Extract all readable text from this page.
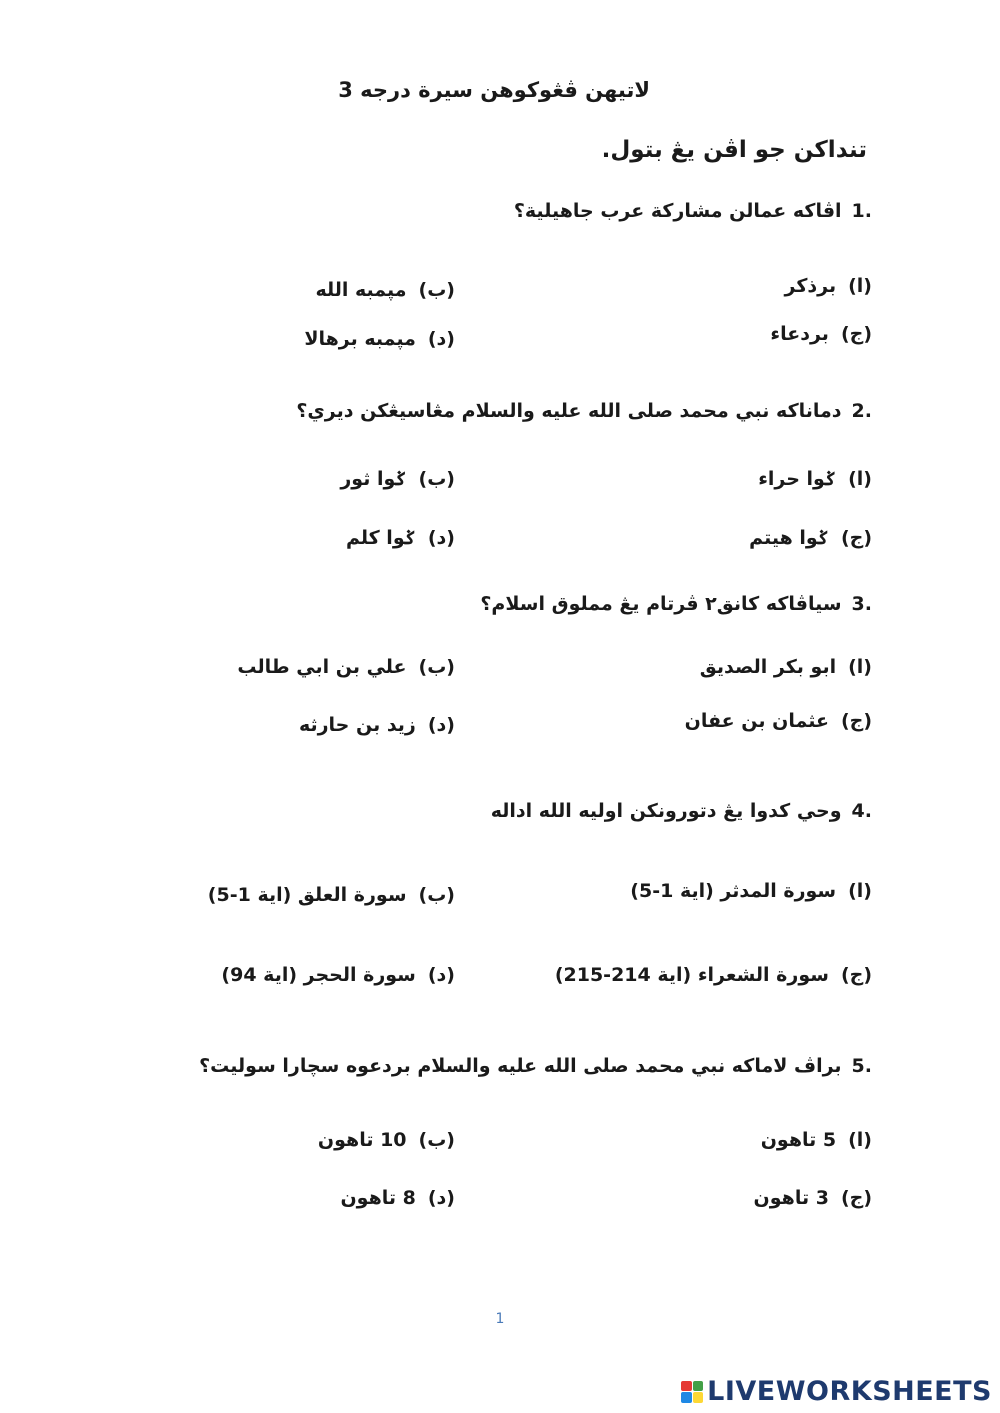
لاتيهن ڤڠوكوهن سيرة درجه 3
تنداكن جو اڤن يڠ بتول.
1.
اڤاكه عمالن مشاركة عرب جاهيلية؟
(ا)
برذكر
(ب)
مڽمبه الله
(ج)
بردعاء
(د)
مڽمبه برهالا
2.
دماناكه نبي محمد صلى الله عليه والسلام مڠاسيڠكن ديري؟
(ا)
ݢوا حراء
(ب)
ݢوا ثور
(ج)
ݢوا هيتم
(د)
ݢوا كلم
3.
سياڤاكه كانق٢ ڤرتام يڠ مملوق اسلام؟
(ا)
ابو بكر الصديق
(ب)
علي بن ابي طالب
(ج)
عثمان بن عفان
(د)
زيد بن حارثه
4.
وحي كدوا يڠ دتورونكن اوليه الله اداله
(ا)
سورة المدثر (اية 1-5)
(ب)
سورة العلق (اية 1-5)
(ج)
سورة الشعراء (اية 214-215)
(د)
سورة الحجر (اية 94)
5.
براڤ لاماكه نبي محمد صلى الله عليه والسلام بردعوه سچارا سوليت؟
(ا)
5 تاهون
(ب)
10 تاهون
(ج)
3 تاهون
(د)
8 تاهون
1
LIVEWORKSHEETS
